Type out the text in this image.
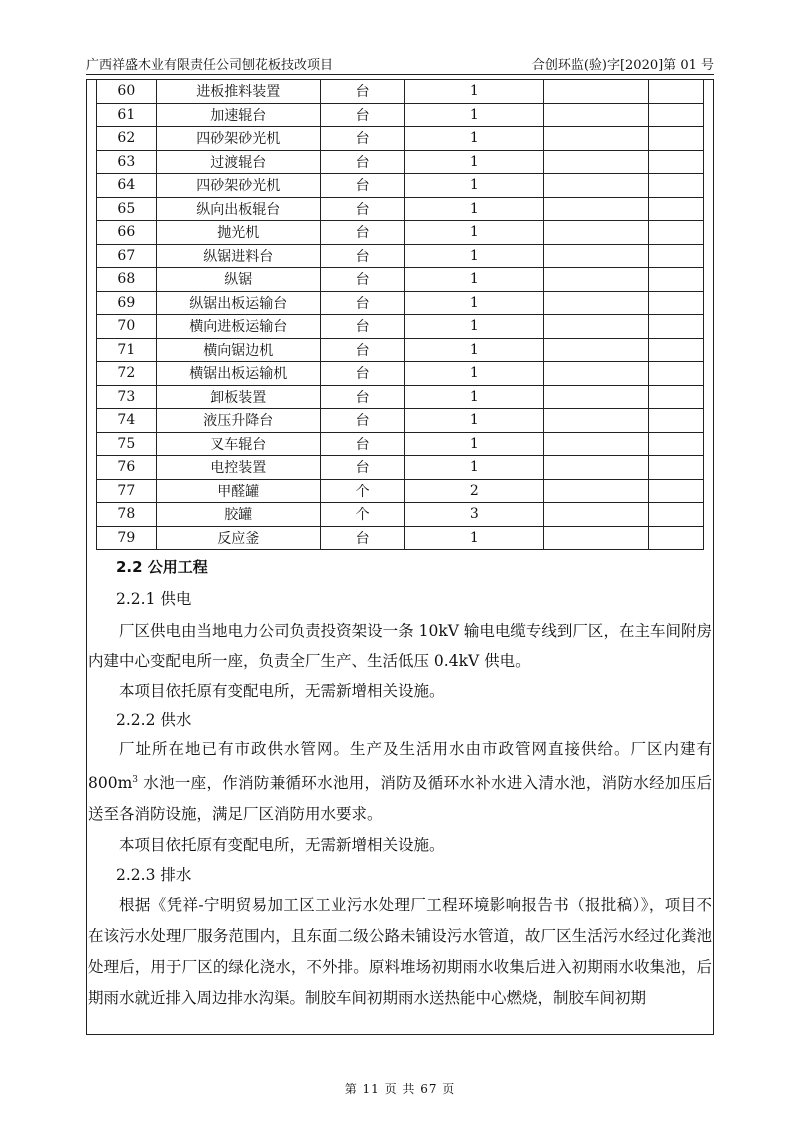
广西祥盛木业有限责任公司刨花板技改项目	合创环监(验)字[2020]第 01 号
60	进板推料装置	台	1		
61	加速辊台	台	1		
62	四砂架砂光机	台	1		
63	过渡辊台	台	1		
64	四砂架砂光机	台	1		
65	纵向出板辊台	台	1		
66	抛光机	台	1		
67	纵锯进料台	台	1		
68	纵锯	台	1		
69	纵锯出板运输台	台	1		
70	横向进板运输台	台	1		
71	横向锯边机	台	1		
72	横锯出板运输机	台	1		
73	卸板装置	台	1		
74	液压升降台	台	1		
75	叉车辊台	台	1		
76	电控装置	台	1		
77	甲醛罐	个	2		
78	胶罐	个	3		
79	反应釜	台	1		
2.2 公用工程
2.2.1 供电

厂区供电由当地电力公司负责投资架设一条 10kV 输电电缆专线到厂区，在主车间附房内建中心变配电所一座，负责全厂生产、生活低压 0.4kV 供电。

本项目依托原有变配电所，无需新增相关设施。

2.2.2 供水

厂址所在地已有市政供水管网。生产及生活用水由市政管网直接供给。厂区内建有$800m^3$ 水池一座，作消防兼循环水池用，消防及循环水补水进入清水池，消防水经加压后送至各消防设施，满足厂区消防用水要求。

本项目依托原有变配电所，无需新增相关设施。

2.2.3 排水

根据《凭祥-宁明贸易加工区工业污水处理厂工程环境影响报告书（报批稿）》，项目不在该污水处理厂服务范围内，且东面二级公路未铺设污水管道，故厂区生活污水经过化粪池处理后，用于厂区的绿化浇水，不外排。原料堆场初期雨水收集后进入初期雨水收集池，后期雨水就近排入周边排水沟渠。制胶车间初期雨水送热能中心燃烧，制胶车间初期

第 11 页 共 67 页
